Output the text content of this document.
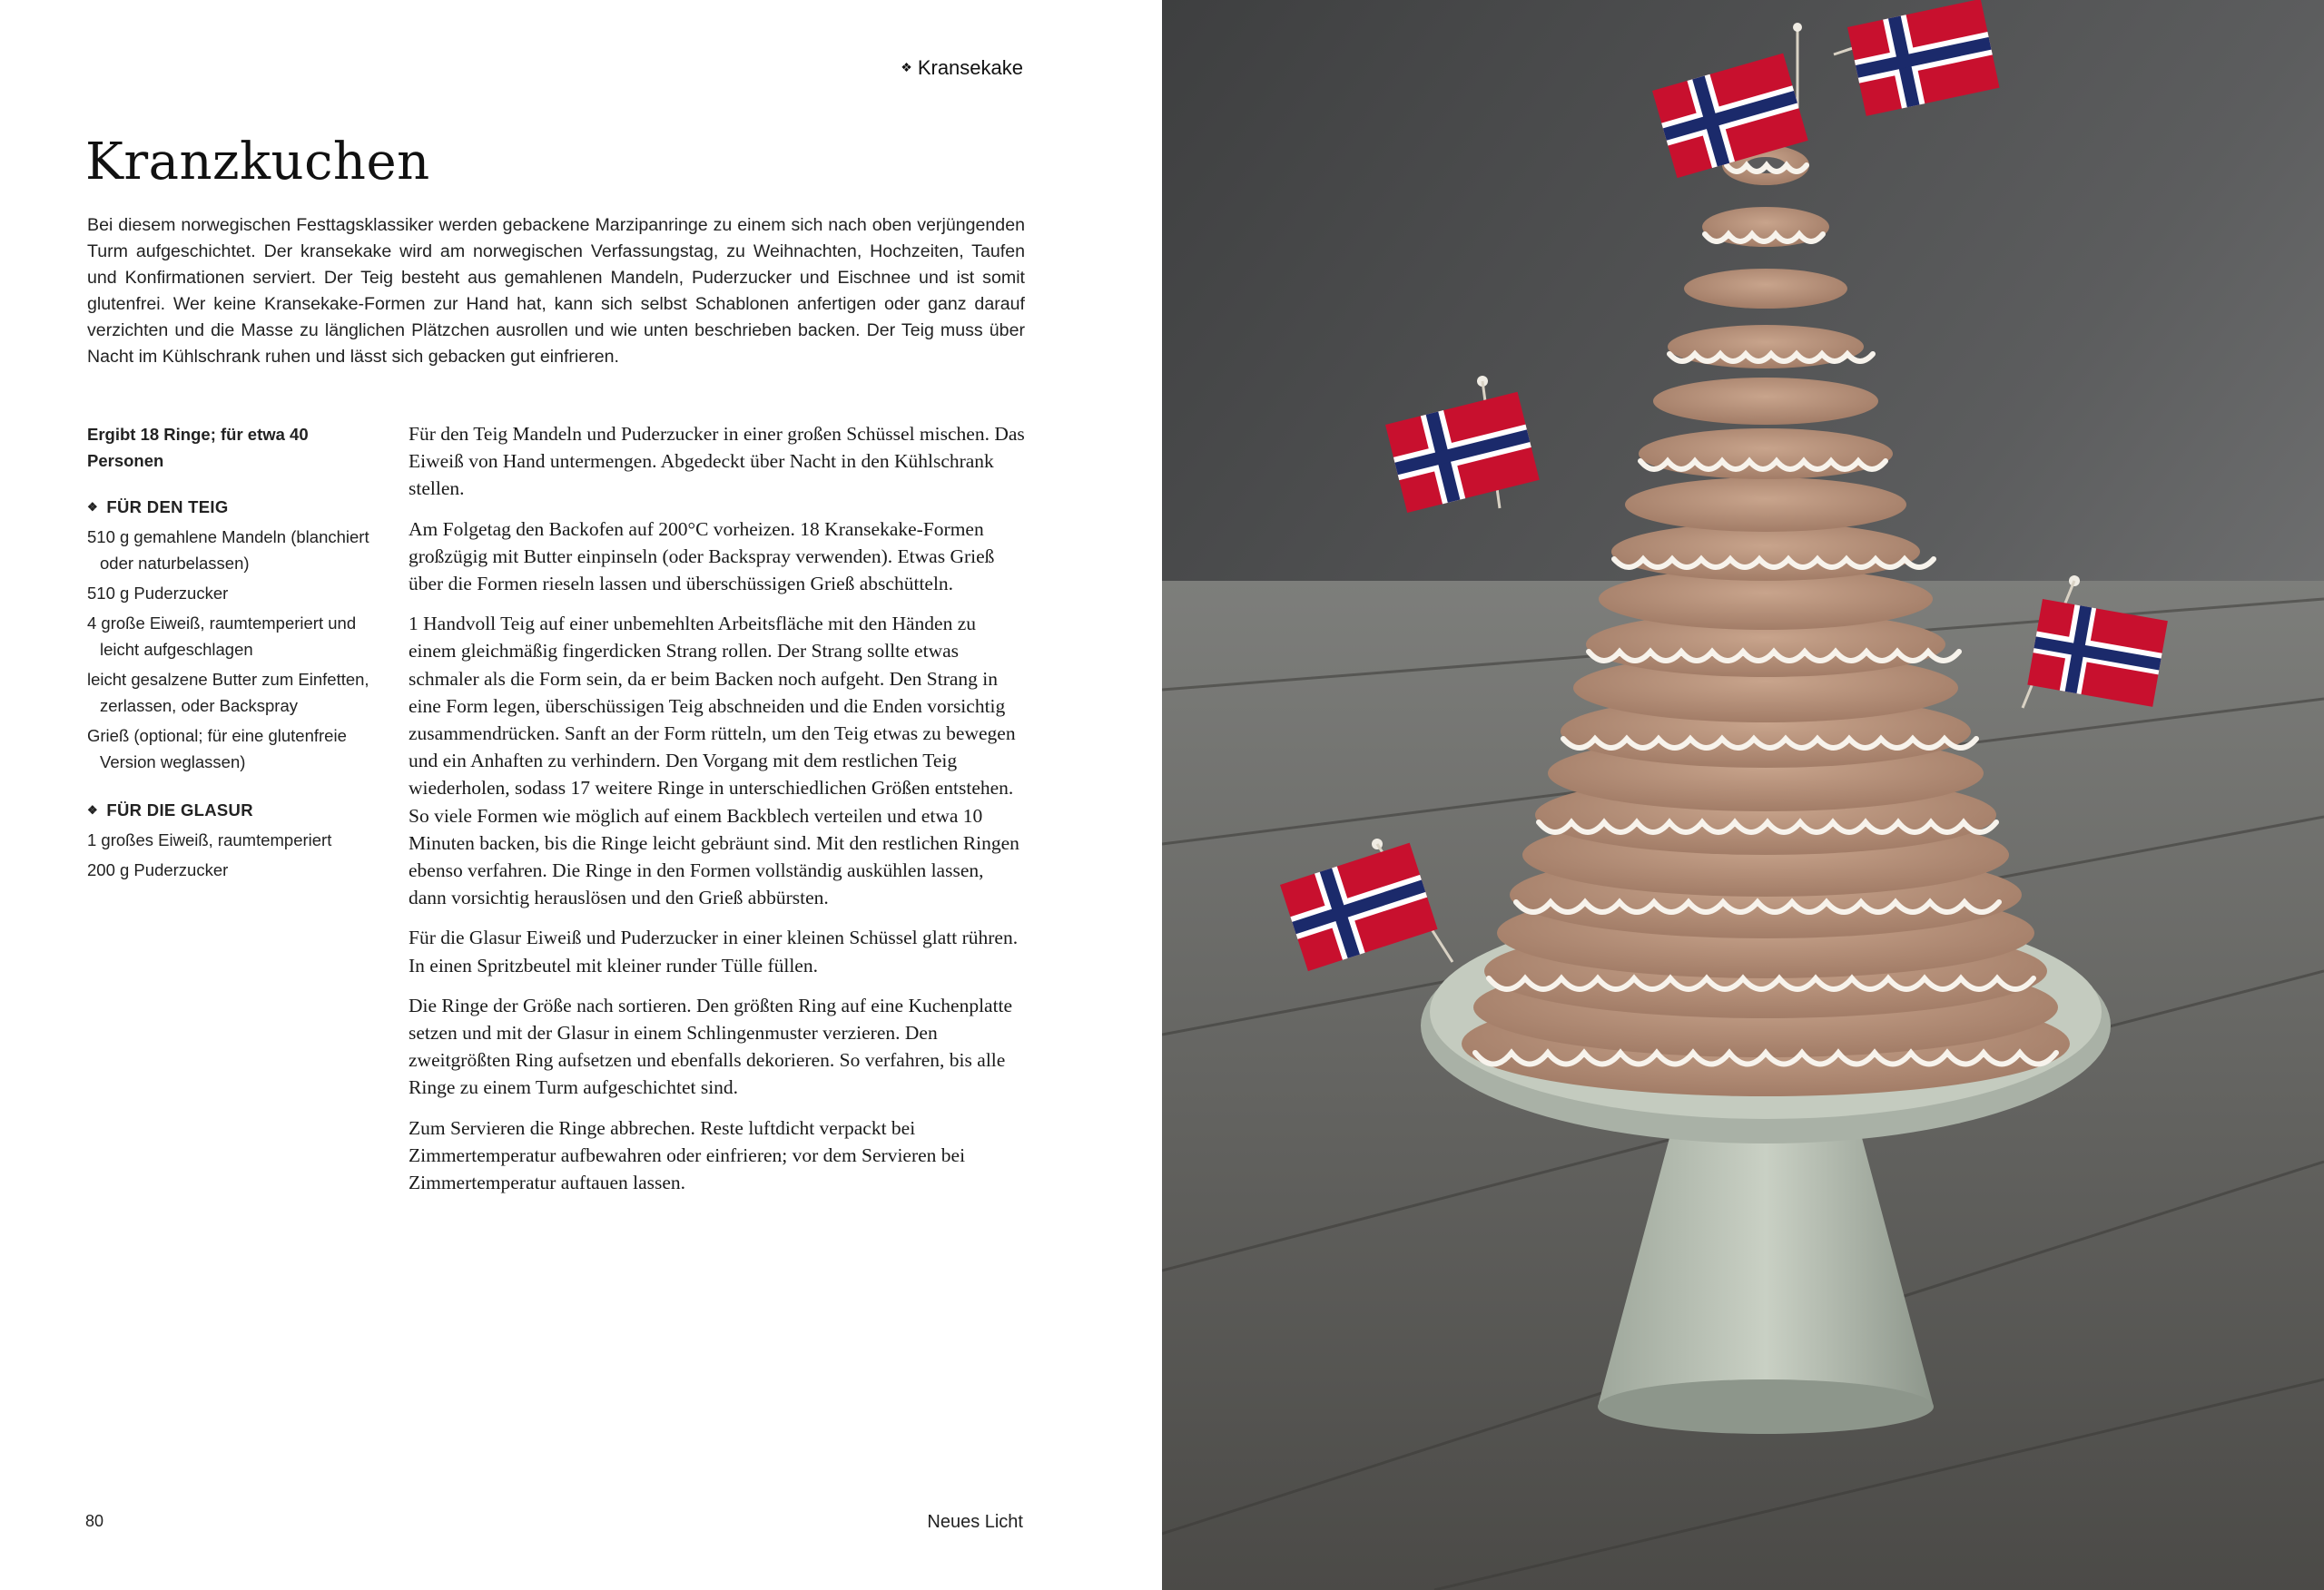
❖ Kransekake
Kranzkuchen
Bei diesem norwegischen Festtagsklassiker werden gebackene Marzipanringe zu einem sich nach oben verjüngenden Turm aufgeschichtet. Der kransekake wird am norwegischen Verfassungstag, zu Weihnachten, Hochzeiten, Taufen und Konfirmationen serviert. Der Teig besteht aus gemahlenen Mandeln, Puderzucker und Eischnee und ist somit glutenfrei. Wer keine Kransekake-Formen zur Hand hat, kann sich selbst Schablonen anfertigen oder ganz darauf verzichten und die Masse zu länglichen Plätzchen ausrollen und wie unten beschrieben backen. Der Teig muss über Nacht im Kühlschrank ruhen und lässt sich gebacken gut einfrieren.
Ergibt 18 Ringe; für etwa 40 Personen
❖ FÜR DEN TEIG
510 g gemahlene Mandeln (blanchiert oder naturbelassen)
510 g Puderzucker
4 große Eiweiß, raumtemperiert und leicht aufgeschlagen
leicht gesalzene Butter zum Einfetten, zerlassen, oder Backspray
Grieß (optional; für eine glutenfreie Version weglassen)
❖ FÜR DIE GLASUR
1 großes Eiweiß, raumtemperiert
200 g Puderzucker

Für den Teig Mandeln und Puderzucker in einer großen Schüssel mischen. Das Eiweiß von Hand untermengen. Abgedeckt über Nacht in den Kühlschrank stellen.

Am Folgetag den Backofen auf 200°C vorheizen. 18 Kransekake-Formen großzügig mit Butter einpinseln (oder Backspray verwenden). Etwas Grieß über die Formen rieseln lassen und überschüssigen Grieß abschütteln.

1 Handvoll Teig auf einer unbemehlten Arbeitsfläche mit den Händen zu einem gleichmäßig fingerdicken Strang rollen. Der Strang sollte etwas schmaler als die Form sein, da er beim Backen noch aufgeht. Den Strang in eine Form legen, überschüssigen Teig abschneiden und die Enden vorsichtig zusammendrücken. Sanft an der Form rütteln, um den Teig etwas zu bewegen und ein Anhaften zu verhindern. Den Vorgang mit dem restlichen Teig wiederholen, sodass 17 weitere Ringe in unterschiedlichen Größen entstehen. So viele Formen wie möglich auf einem Backblech verteilen und etwa 10 Minuten backen, bis die Ringe leicht gebräunt sind. Mit den restlichen Ringen ebenso verfahren. Die Ringe in den Formen vollständig auskühlen lassen, dann vorsichtig herauslösen und den Grieß abbürsten.

Für die Glasur Eiweiß und Puderzucker in einer kleinen Schüssel glatt rühren. In einen Spritzbeutel mit kleiner runder Tülle füllen.

Die Ringe der Größe nach sortieren. Den größten Ring auf eine Kuchenplatte setzen und mit der Glasur in einem Schlingenmuster verzieren. Den zweitgrößten Ring aufsetzen und ebenfalls dekorieren. So verfahren, bis alle Ringe zu einem Turm aufgeschichtet sind.

Zum Servieren die Ringe abbrechen. Reste luftdicht verpackt bei Zimmertemperatur aufbewahren oder einfrieren; vor dem Servieren bei Zimmertemperatur auftauen lassen.

80	Neues Licht
